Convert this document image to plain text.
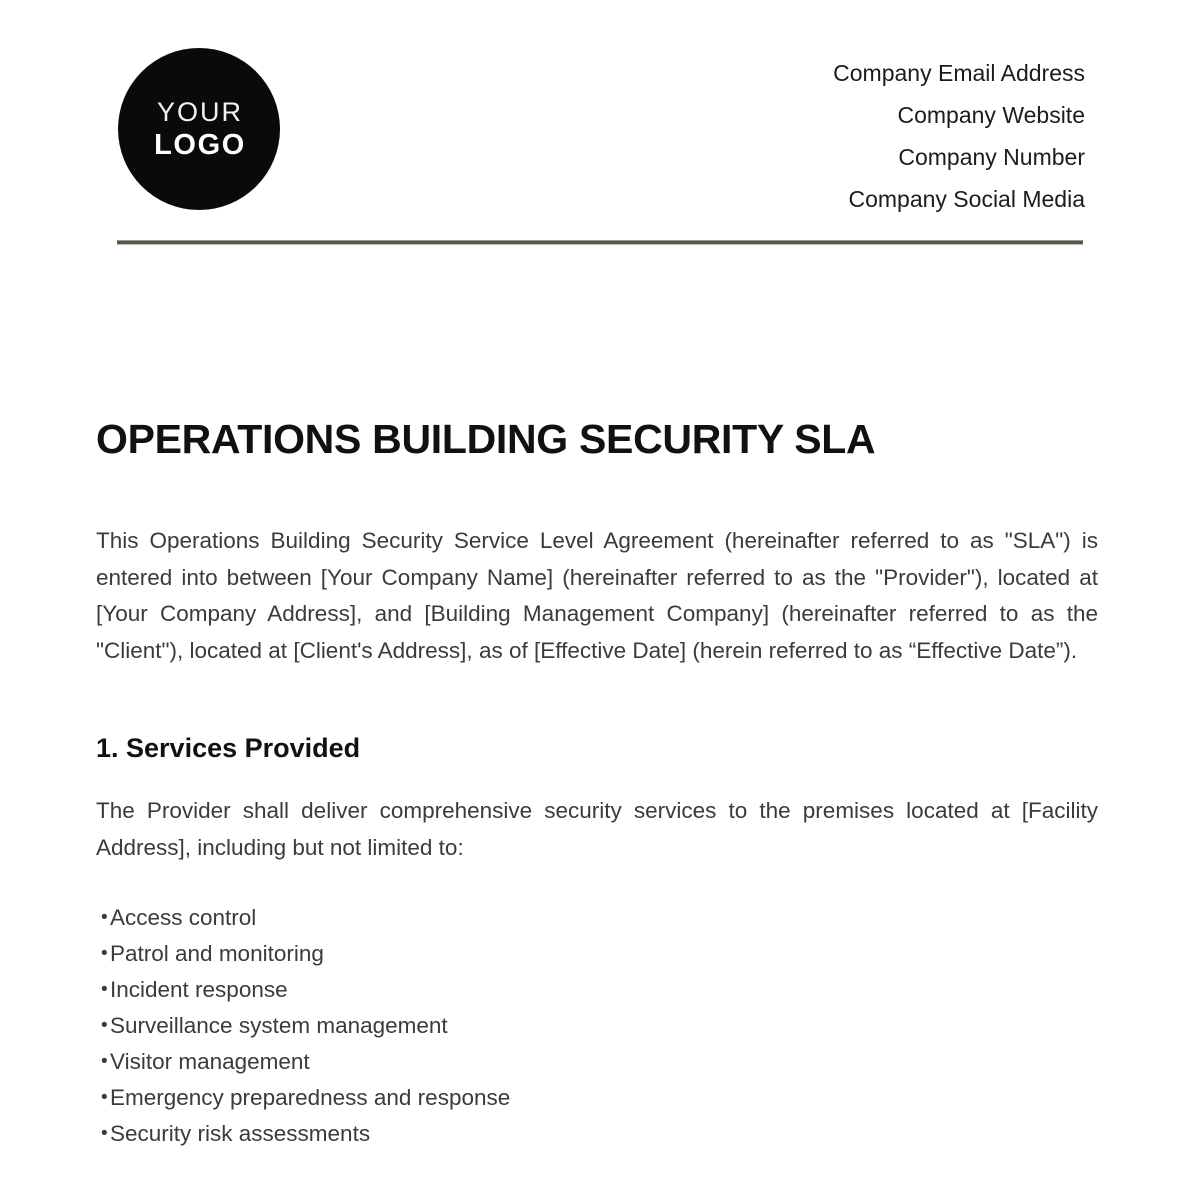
YOUR
LOGO
Company Email Address
Company Website
Company Number
Company Social Media
OPERATIONS BUILDING SECURITY SLA

This Operations Building Security Service Level Agreement (hereinafter referred to as "SLA") is entered into between [Your Company Name] (hereinafter referred to as the "Provider"), located at [Your Company Address], and [Building Management Company] (hereinafter referred to as the "Client"), located at [Client's Address], as of [Effective Date] (herein referred to as “Effective Date”).

1. Services Provided

The Provider shall deliver comprehensive security services to the premises located at [Facility Address], including but not limited to:

• Access control
• Patrol and monitoring
• Incident response
• Surveillance system management
• Visitor management
• Emergency preparedness and response
• Security risk assessments
